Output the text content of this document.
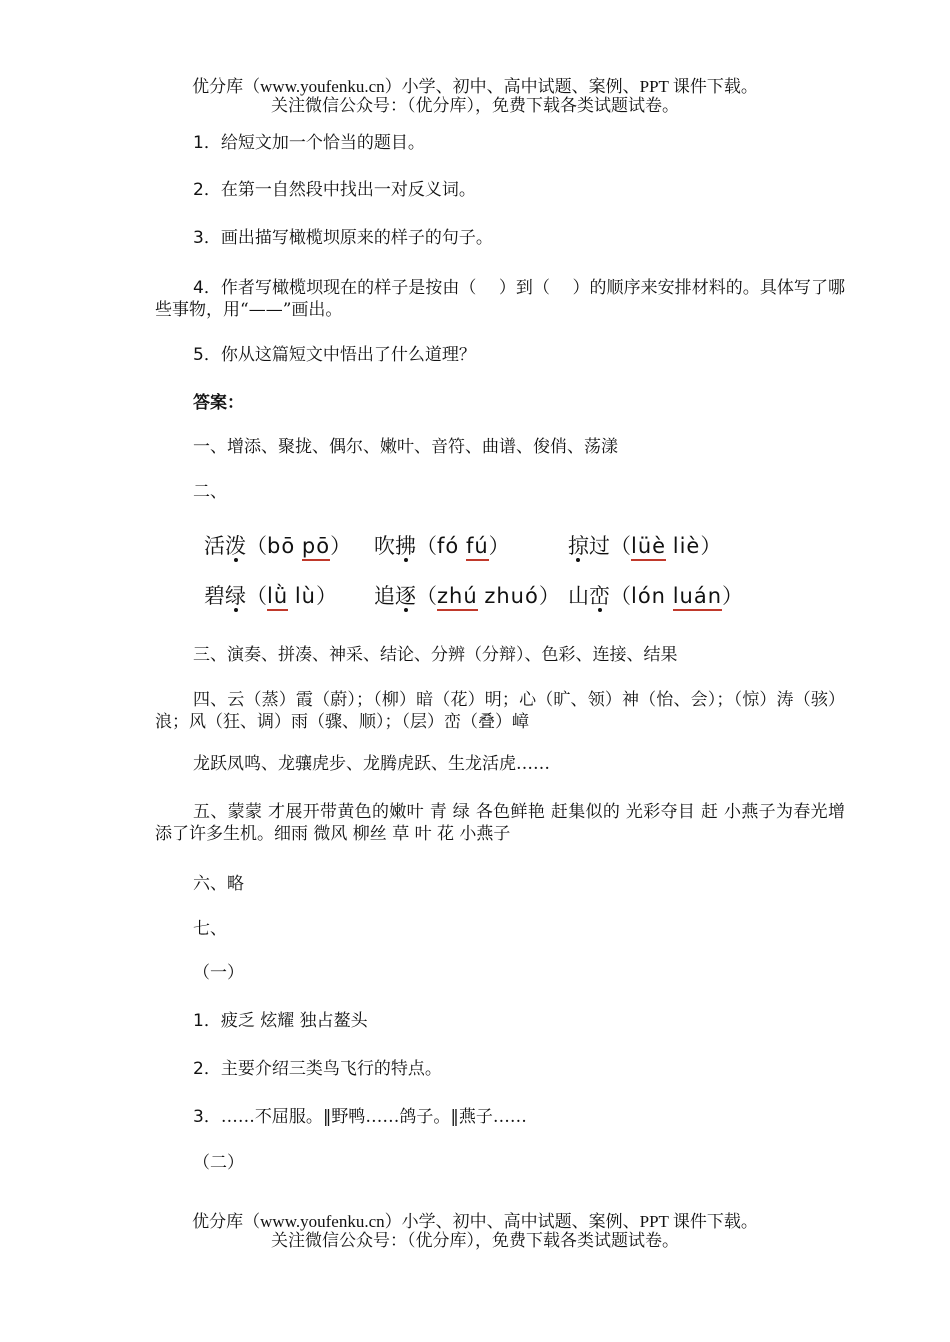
优分库（www.youfenku.cn）小学、初中、高中试题、案例、PPT 课件下载。
关注微信公众号：（优分库），免费下载各类试题试卷。
1．给短文加一个恰当的题目。
2．在第一自然段中找出一对反义词。
3．画出描写橄榄坝原来的样子的句子。
4．作者写橄榄坝现在的样子是按由（　 ）到（　 ）的顺序来安排材料的。具体写了哪些事物，用“——”画出。
5．你从这篇短文中悟出了什么道理？
答案：
一、增添、聚拢、偶尔、嫩叶、音符、曲谱、俊俏、荡漾
二、
活泼
（bō pō） 吹拂
（fó fú）	掠过
（lüè liè）
碧绿
（lǜ lù） 追逐
（zhú zhuó） 山峦
（lón luán）
三、演奏、拼凑、神采、结论、分辨（分辩）、色彩、连接、结果
四、云（蒸）霞（蔚）；（柳）暗（花）明；心（旷、领）神（怡、会）；（惊）涛（骇）浪；风（狂、调）雨（骤、顺）；（层）峦（叠）嶂
龙跃凤鸣、龙骧虎步、龙腾虎跃、生龙活虎……
五、蒙蒙 才展开带黄色的嫩叶 青 绿 各色鲜艳 赶集似的 光彩夺目 赶 小燕子为春光增添了许多生机。细雨 微风 柳丝 草 叶 花 小燕子
六、略
七、
（一）
1．疲乏 炫耀 独占鳌头
2．主要介绍三类鸟飞行的特点。
3．……不屈服。‖野鸭……鸽子。‖燕子……
（二）
优分库（www.youfenku.cn）小学、初中、高中试题、案例、PPT 课件下载。
关注微信公众号：（优分库），免费下载各类试题试卷。
